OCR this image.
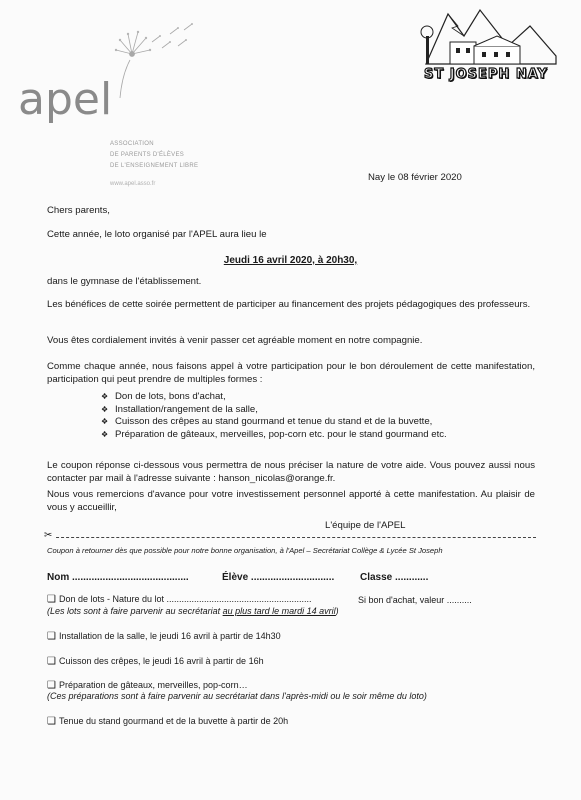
apel
ASSOCIATION
DE PARENTS D'ÉLÈVES
DE L'ENSEIGNEMENT LIBRE
www.apel.asso.fr
ST JOSEPH NAY
Nay le 08 février 2020
Chers parents,
Cette année, le loto organisé par l'APEL aura lieu le
Jeudi 16 avril 2020, à 20h30,
dans le gymnase de l'établissement.
Les bénéfices de cette soirée permettent de participer au financement des projets pédagogiques des professeurs.
Vous êtes cordialement invités à venir passer cet agréable moment en notre compagnie.
Comme chaque année, nous faisons appel à votre participation pour le bon déroulement de cette manifestation, participation qui peut prendre de multiples formes :
❖ Don de lots, bons d'achat,
❖ Installation/rangement de la salle,
❖ Cuisson des crêpes au stand gourmand et tenue du stand et de la buvette,
❖ Préparation de gâteaux, merveilles, pop-corn etc. pour le stand gourmand etc.
Le coupon réponse ci-dessous vous permettra de nous préciser la nature de votre aide. Vous pouvez aussi nous contacter par mail à l'adresse suivante : hanson_nicolas@orange.fr.
Nous vous remercions d'avance pour votre investissement personnel apporté à cette manifestation. Au plaisir de vous y accueillir,
L'équipe de l'APEL
✂
Coupon à retourner dès que possible pour notre bonne organisation, à l'Apel – Secrétariat Collège & Lycée St Joseph
Nom ..........................................	Élève ..............................	Classe ............
❑ Don de lots - Nature du lot ..........................................................	Si bon d'achat, valeur ..........
(Les lots sont à faire parvenir au secrétariat au plus tard le mardi 14 avril)
❑ Installation de la salle, le jeudi 16 avril à partir de 14h30
❑ Cuisson des crêpes, le jeudi 16 avril à partir de 16h
❑ Préparation de gâteaux, merveilles, pop-corn…
(Ces préparations sont à faire parvenir au secrétariat dans l'après-midi ou le soir même du loto)
❑ Tenue du stand gourmand et de la buvette à partir de 20h
